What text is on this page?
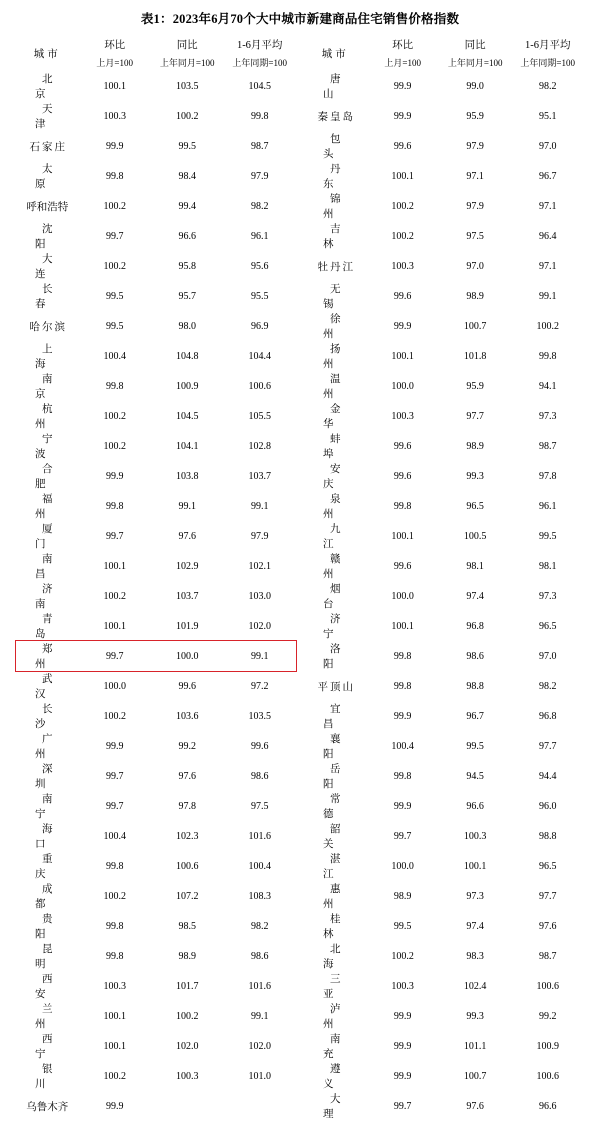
表1：2023年6月70个大中城市新建商品住宅销售价格指数
城市	环比	同比	1-6月平均		城市	环比	同比	1-6月平均
	上月=100	上年同月=100	上年同期=100			上月=100	上年同月=100	上年同期=100
北　京	100.1	103.5	104.5		唐　山	99.9	99.0	98.2
天　津	100.3	100.2	99.8		秦皇岛	99.9	95.9	95.1
石家庄	99.9	99.5	98.7		包　头	99.6	97.9	97.0
太　原	99.8	98.4	97.9		丹　东	100.1	97.1	96.7
呼和浩特	100.2	99.4	98.2		锦　州	100.2	97.9	97.1
沈　阳	99.7	96.6	96.1		吉　林	100.2	97.5	96.4
大　连	100.2	95.8	95.6		牡丹江	100.3	97.0	97.1
长　春	99.5	95.7	95.5		无　锡	99.6	98.9	99.1
哈尔滨	99.5	98.0	96.9		徐　州	99.9	100.7	100.2
上　海	100.4	104.8	104.4		扬　州	100.1	101.8	99.8
南　京	99.8	100.9	100.6		温　州	100.0	95.9	94.1
杭　州	100.2	104.5	105.5		金　华	100.3	97.7	97.3
宁　波	100.2	104.1	102.8		蚌　埠	99.6	98.9	98.7
合　肥	99.9	103.8	103.7		安　庆	99.6	99.3	97.8
福　州	99.8	99.1	99.1		泉　州	99.8	96.5	96.1
厦　门	99.7	97.6	97.9		九　江	100.1	100.5	99.5
南　昌	100.1	102.9	102.1		赣　州	99.6	98.1	98.1
济　南	100.2	103.7	103.0		烟　台	100.0	97.4	97.3
青　岛	100.1	101.9	102.0		济　宁	100.1	96.8	96.5
郑　州	99.7	100.0	99.1		洛　阳	99.8	98.6	97.0
武　汉	100.0	99.6	97.2		平顶山	99.8	98.8	98.2
长　沙	100.2	103.6	103.5		宜　昌	99.9	96.7	96.8
广　州	99.9	99.2	99.6		襄　阳	100.4	99.5	97.7
深　圳	99.7	97.6	98.6		岳　阳	99.8	94.5	94.4
南　宁	99.7	97.8	97.5		常　德	99.9	96.6	96.0
海　口	100.4	102.3	101.6		韶　关	99.7	100.3	98.8
重　庆	99.8	100.6	100.4		湛　江	100.0	100.1	96.5
成　都	100.2	107.2	108.3		惠　州	98.9	97.3	97.7
贵　阳	99.8	98.5	98.2		桂　林	99.5	97.4	97.6
昆　明	99.8	98.9	98.6		北　海	100.2	98.3	98.7
西　安	100.3	101.7	101.6		三　亚	100.3	102.4	100.6
兰　州	100.1	100.2	99.1		泸　州	99.9	99.3	99.2
西　宁	100.1	102.0	102.0		南　充	99.9	101.1	100.9
银　川	100.2	100.3	101.0		遵　义	99.9	100.7	100.6
乌鲁木齐	99.9				大　理	99.7	97.6	96.6
